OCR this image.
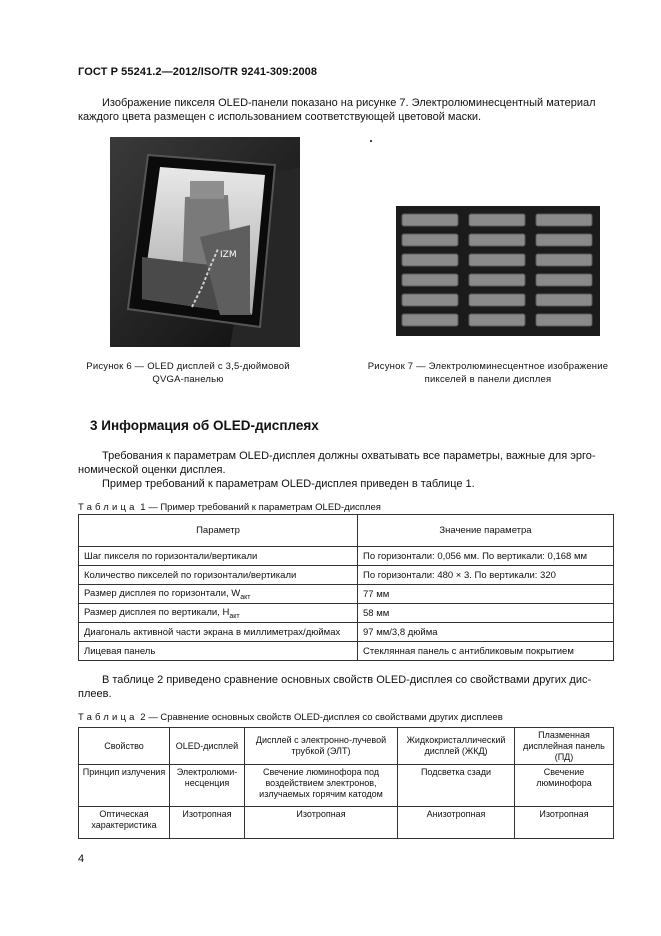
ГОСТ Р 55241.2—2012/ISO/TR 9241-309:2008
Изображение пикселя OLED-панели показано на рисунке 7. Электролюминесцентный материал
каждого цвета размещен с использованием соответствующей цветовой маски.
IZM
Рисунок 6 — OLED дисплей с 3,5-дюймовой
QVGA-панелью
Рисунок 7 — Электролюминесцентное изображение
пикселей в панели дисплея
3 Информация об OLED-дисплеях
Требования к параметрам OLED-дисплея должны охватывать все параметры, важные для эрго-
номической оценки дисплея.
Пример требований к параметрам OLED-дисплея приведен в таблице 1.
Таблица 1 — Пример требований к параметрам OLED-дисплея
Параметр	Значение параметра
Шаг пикселя по горизонтали/вертикали	По горизонтали: 0,056 мм. По вертикали: 0,168 мм
Количество пикселей по горизонтали/вертикали	По горизонтали: 480 × 3. По вертикали: 320
Размер дисплея по горизонтали, $W_{акт}$	77 мм
Размер дисплея по вертикали, $H_{акт}$	58 мм
Диагональ активной части экрана в миллиметрах/дюймах	97 мм/3,8 дюйма
Лицевая панель	Стеклянная панель с антибликовым покрытием
В таблице 2 приведено сравнение основных свойств OLED-дисплея со свойствами других дис-
плеев.
Таблица 2 — Сравнение основных свойств OLED-дисплея со свойствами других дисплеев
Свойство	OLED-дисплей	Дисплей с электронно-лучевой трубкой (ЭЛТ)	Жидкокристаллический дисплей (ЖКД)	Плазменная дисплейная панель (ПД)
Принцип излучения	Электролюми-несценция	Свечение люминофора под воздействием электронов, излучаемых горячим катодом	Подсветка сзади	Свечение люминофора
Оптическая характеристика	Изотропная	Изотропная	Анизотропная	Изотропная
4
